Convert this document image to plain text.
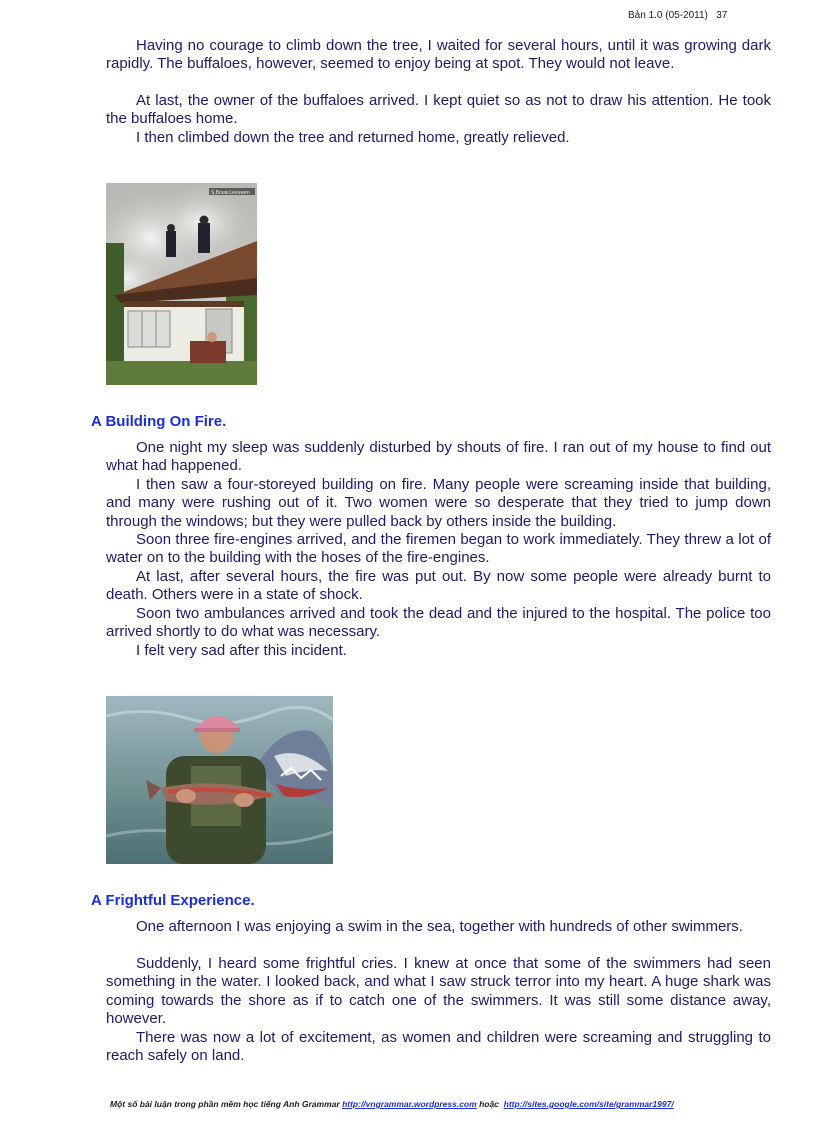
Bản 1.0 (05-2011) 37

Having no courage to climb down the tree, I waited for several hours, until it was growing dark rapidly. The buffaloes, however, seemed to enjoy being at spot. They would not leave.

At last, the owner of the buffaloes arrived. I kept quiet so as not to draw his attention. He took the buffaloes home.

I then climbed down the tree and returned home, greatly relieved.

S.Bouw.Leeuwen
A Building On Fire.

One night my sleep was suddenly disturbed by shouts of fire. I ran out of my house to find out what had happened.

I then saw a four-storeyed building on fire. Many people were screaming inside that building, and many were rushing out of it. Two women were so desperate that they tried to jump down through the windows; but they were pulled back by others inside the building.

Soon three fire-engines arrived, and the firemen began to work immediately. They threw a lot of water on to the building with the hoses of the fire-engines.

At last, after several hours, the fire was put out. By now some people were already burnt to death. Others were in a state of shock.

Soon two ambulances arrived and took the dead and the injured to the hospital. The police too arrived shortly to do what was necessary.

I felt very sad after this incident.

A Frightful Experience.

One afternoon I was enjoying a swim in the sea, together with hundreds of other swimmers.

Suddenly, I heard some frightful cries. I knew at once that some of the swimmers had seen something in the water. I looked back, and what I saw struck terror into my heart. A huge shark was coming towards the shore as if to catch one of the swimmers. It was still some distance away, however.

There was now a lot of excitement, as women and children were screaming and struggling to reach safely on land.

Một số bài luận trong phần mềm học tiếng Anh Grammar http://vngrammar.wordpress.com hoặc http://sites.google.com/site/grammar1997/
